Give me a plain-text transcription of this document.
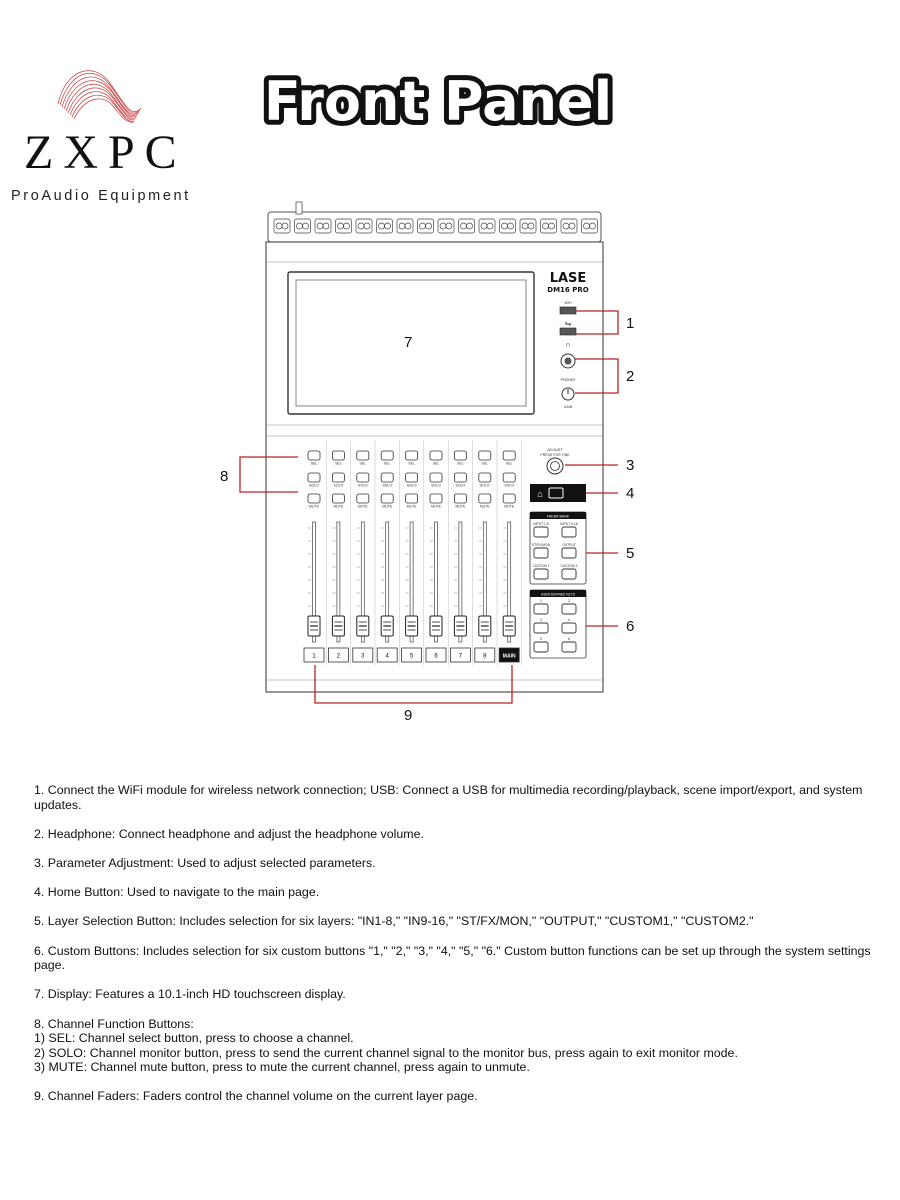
ZXPC
ProAudio Equipment
Front Panel
LASE
DM16 PRO
WiFi
⇋
∩
PHONES
GAIN
SEL
SOLO
MUTE
1
SEL
SOLO
MUTE
2
SEL
SOLO
MUTE
3
SEL
SOLO
MUTE
4
SEL
SOLO
MUTE
5
SEL
SOLO
MUTE
6
SEL
SOLO
MUTE
7
SEL
SOLO
MUTE
8
SEL
SOLO
MUTE
MAIN
ADJUST
PRESS FOR FINE
⌂
FADER BANK
INPUT 1-8	INPUT 9-16
ST/FX/MON	OUTPUT
CUSTOM 1	CUSTOM 2
USER DEFINED KEYS
1	2
3	4
5	6
1
2
3
4
5
6
7
8
9
1. Connect the WiFi module for wireless network connection; USB: Connect a USB for multimedia recording/playback, scene import/export, and system updates.
2. Headphone: Connect headphone and adjust the headphone volume.
3. Parameter Adjustment: Used to adjust selected parameters.
4. Home Button: Used to navigate to the main page.
5. Layer Selection Button: Includes selection for six layers: "IN1-8," "IN9-16," "ST/FX/MON," "OUTPUT," "CUSTOM1," "CUSTOM2."
6. Custom Buttons: Includes selection for six custom buttons "1," "2," "3," "4," "5," "6." Custom button functions can be set up through the system settings page.
7. Display: Features a 10.1-inch HD touchscreen display.
8. Channel Function Buttons:
1) SEL: Channel select button, press to choose a channel.
2) SOLO: Channel monitor button, press to send the current channel signal to the monitor bus, press again to exit monitor mode.
3) MUTE: Channel mute button, press to mute the current channel, press again to unmute.
9. Channel Faders: Faders control the channel volume on the current layer page.
